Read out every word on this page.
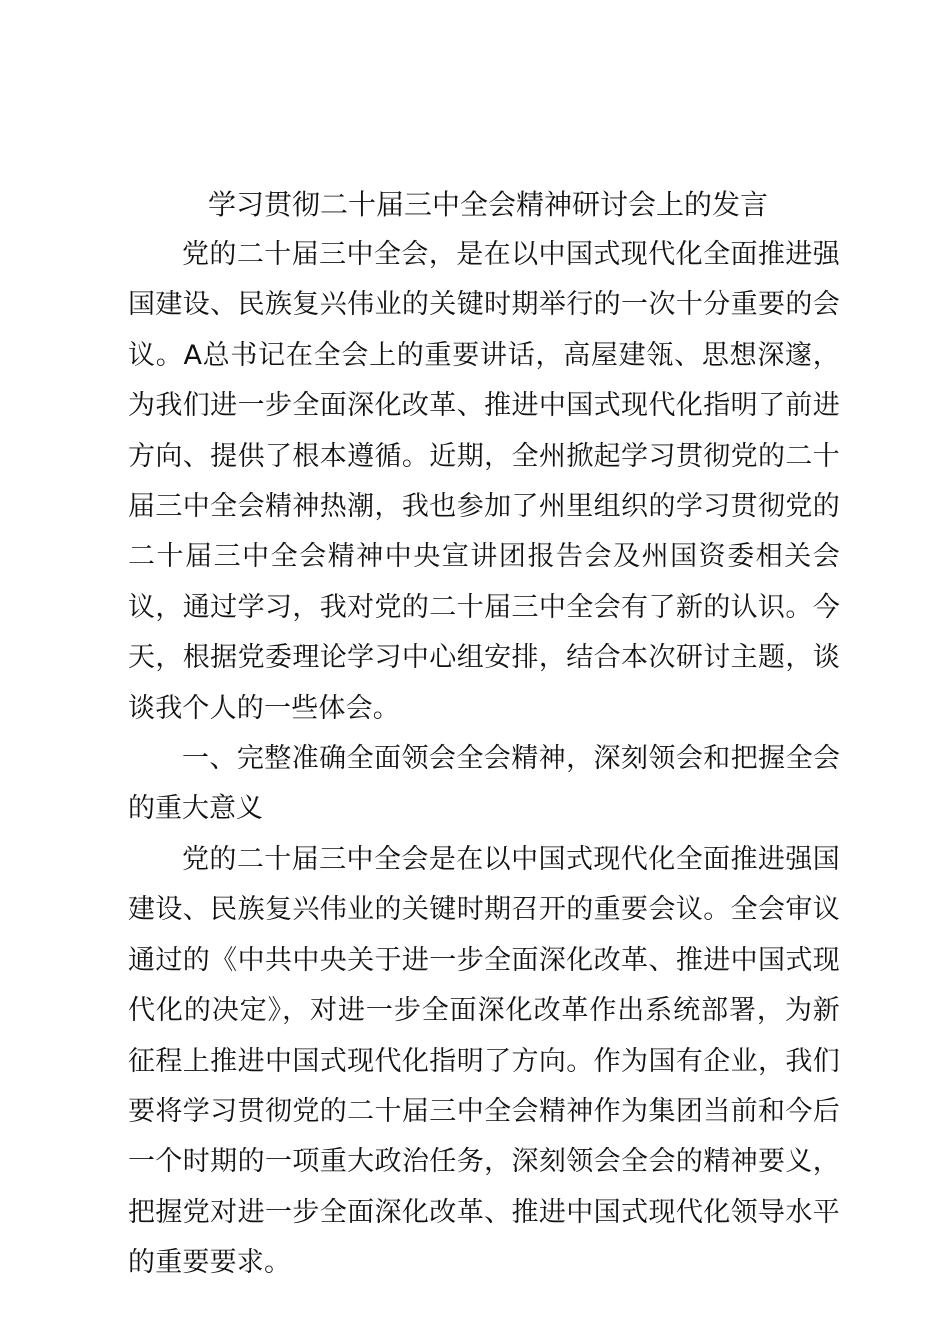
学习贯彻二十届三中全会精神研讨会上的发言

党的二十届三中全会，是在以中国式现代化全面推进强国建设、民族复兴伟业的关键时期举行的一次十分重要的会议。A总书记在全会上的重要讲话，高屋建瓴、思想深邃，为我们进一步全面深化改革、推进中国式现代化指明了前进方向、提供了根本遵循。近期，全州掀起学习贯彻党的二十届三中全会精神热潮，我也参加了州里组织的学习贯彻党的二十届三中全会精神中央宣讲团报告会及州国资委相关会议，通过学习，我对党的二十届三中全会有了新的认识。今天，根据党委理论学习中心组安排，结合本次研讨主题，谈谈我个人的一些体会。

一、完整准确全面领会全会精神，深刻领会和把握全会的重大意义

党的二十届三中全会是在以中国式现代化全面推进强国建设、民族复兴伟业的关键时期召开的重要会议。全会审议通过的《中共中央关于进一步全面深化改革、推进中国式现代化的决定》，对进一步全面深化改革作出系统部署，为新征程上推进中国式现代化指明了方向。作为国有企业，我们要将学习贯彻党的二十届三中全会精神作为集团当前和今后一个时期的一项重大政治任务，深刻领会全会的精神要义，把握党对进一步全面深化改革、推进中国式现代化领导水平的重要要求。
